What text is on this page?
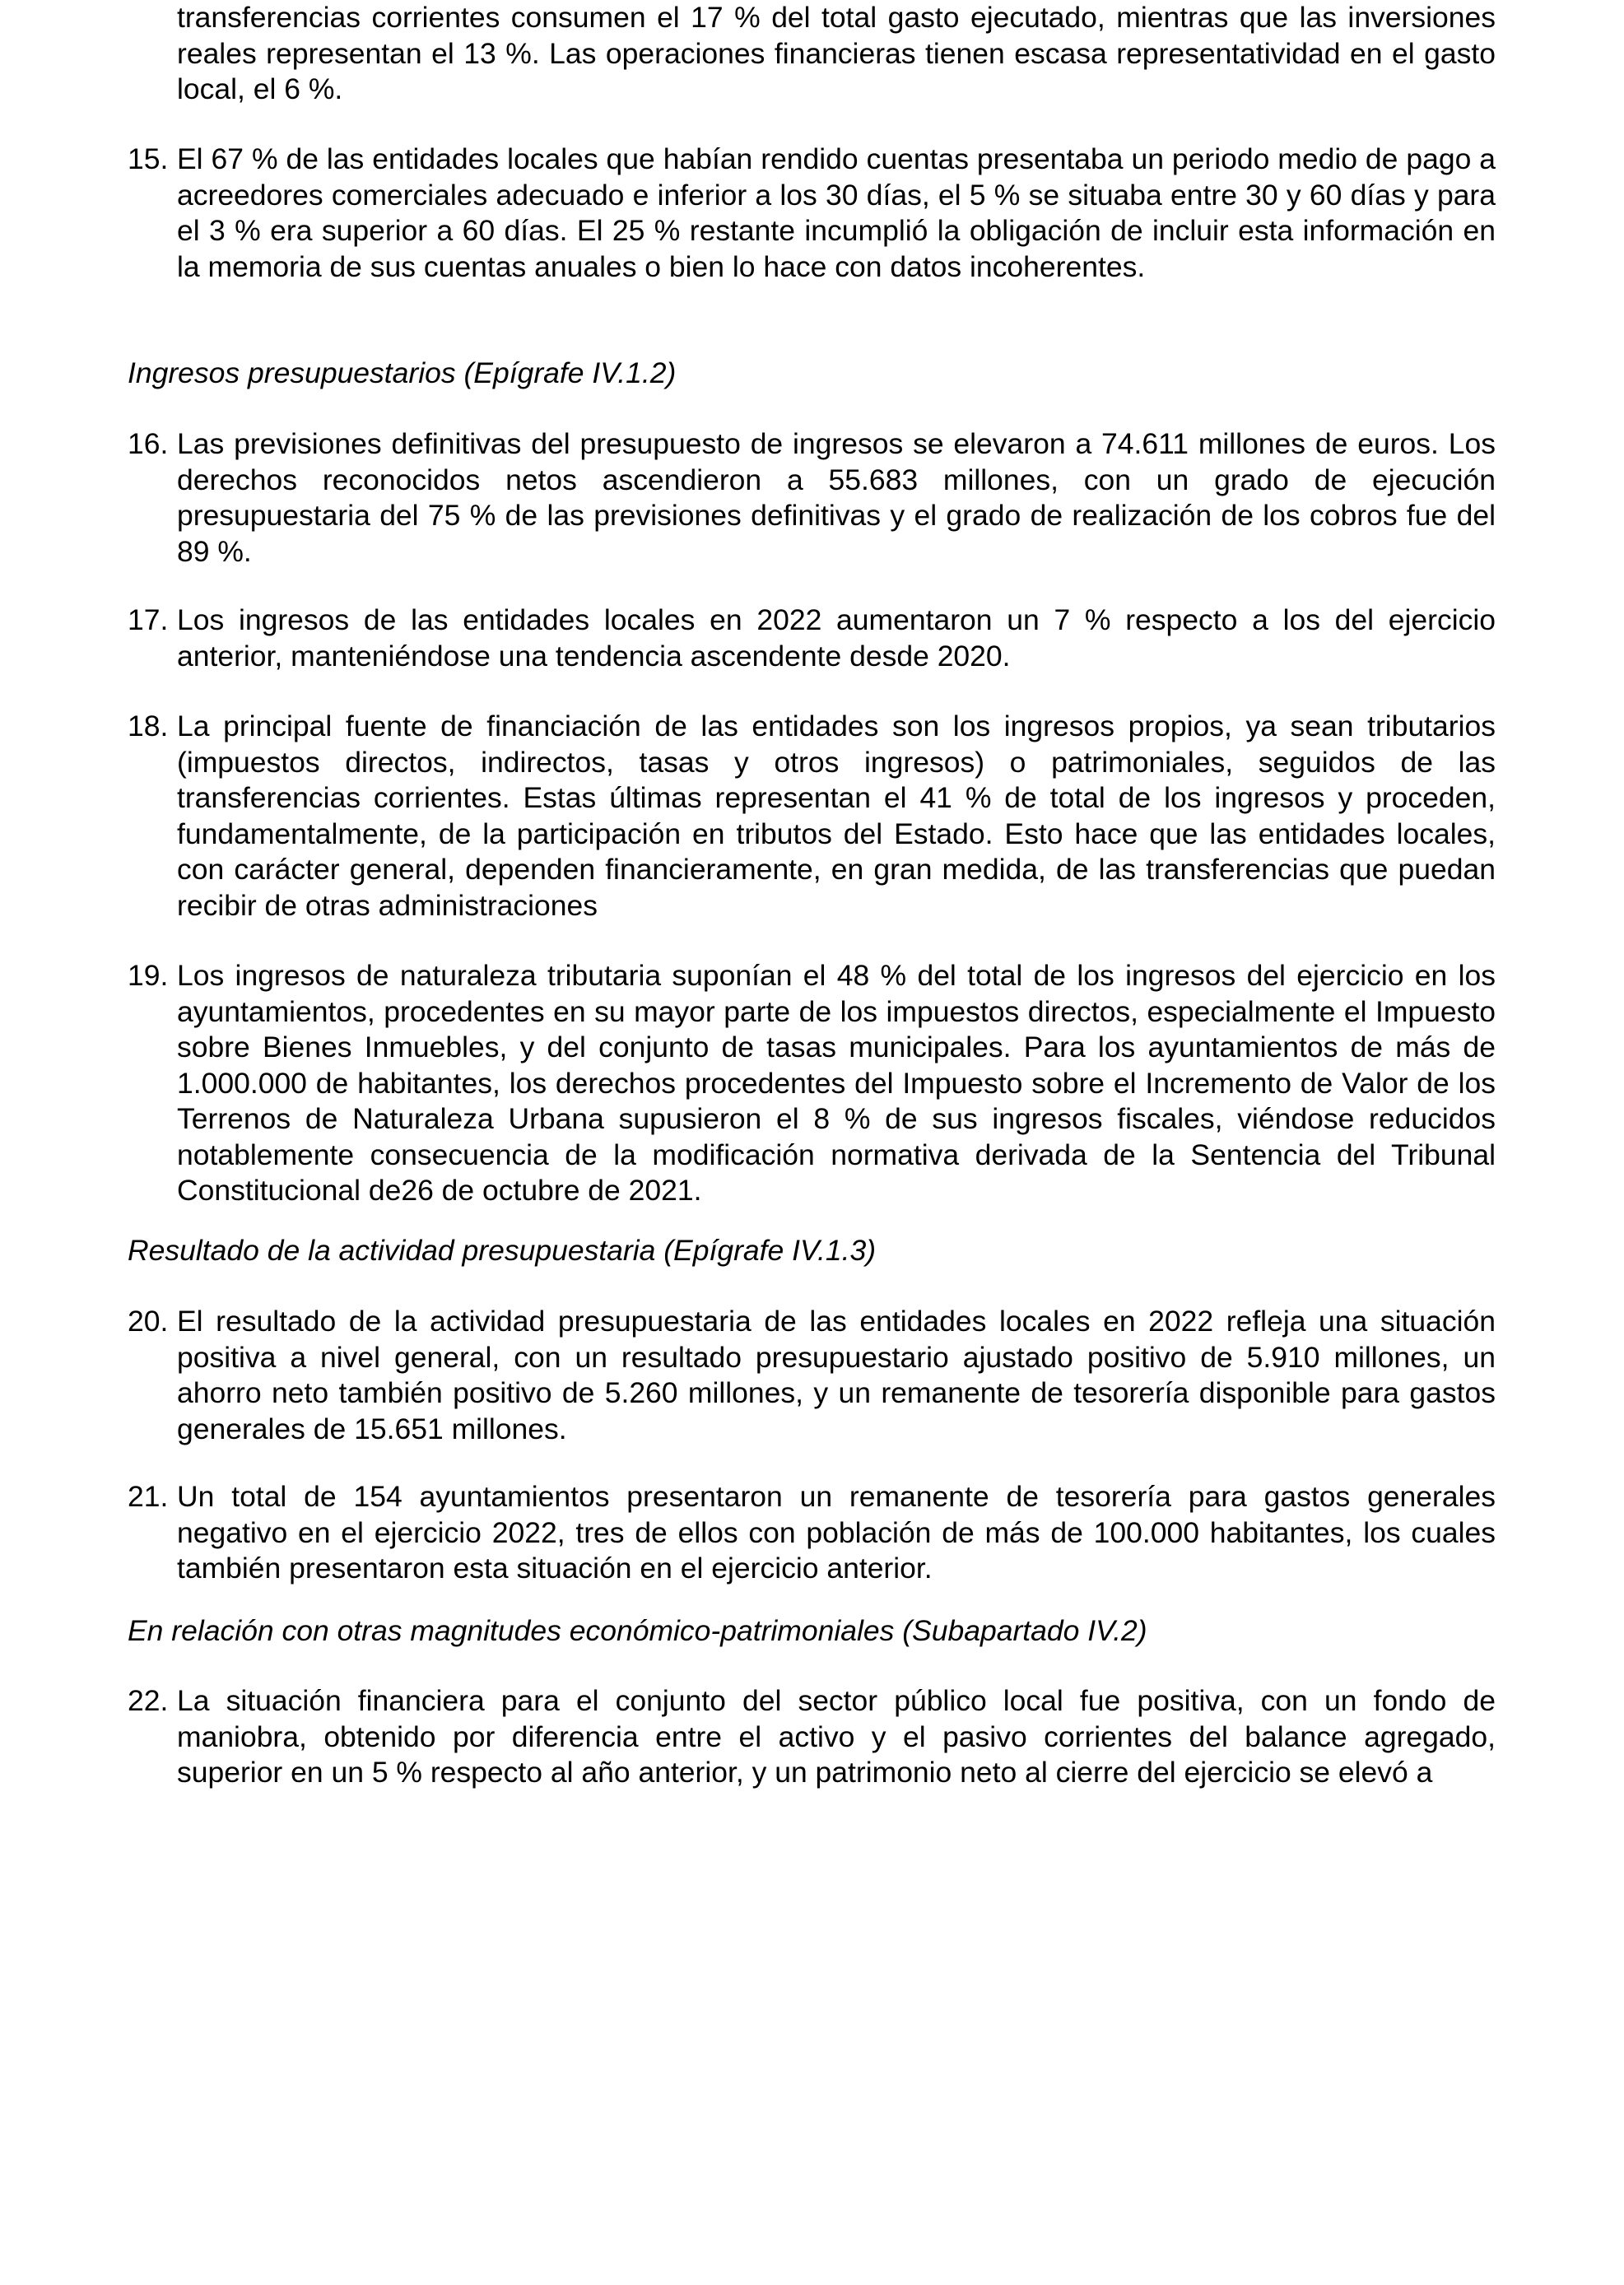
transferencias corrientes consumen el 17 % del total gasto ejecutado, mientras que las inversiones reales representan el 13 %. Las operaciones financieras tienen escasa representatividad en el gasto local, el 6 %.

15. El 67 % de las entidades locales que habían rendido cuentas presentaba un periodo medio de pago a acreedores comerciales adecuado e inferior a los 30 días, el 5 % se situaba entre 30 y 60 días y para el 3 % era superior a 60 días. El 25 % restante incumplió la obligación de incluir esta información en la memoria de sus cuentas anuales o bien lo hace con datos incoherentes.

Ingresos presupuestarios (Epígrafe IV.1.2)

16. Las previsiones definitivas del presupuesto de ingresos se elevaron a 74.611 millones de euros. Los derechos reconocidos netos ascendieron a 55.683 millones, con un grado de ejecución presupuestaria del 75 % de las previsiones definitivas y el grado de realización de los cobros fue del 89 %.
17. Los ingresos de las entidades locales en 2022 aumentaron un 7 % respecto a los del ejercicio anterior, manteniéndose una tendencia ascendente desde 2020.
18. La principal fuente de financiación de las entidades son los ingresos propios, ya sean tributarios (impuestos directos, indirectos, tasas y otros ingresos) o patrimoniales, seguidos de las transferencias corrientes. Estas últimas representan el 41 % de total de los ingresos y proceden, fundamentalmente, de la participación en tributos del Estado. Esto hace que las entidades locales, con carácter general, dependen financieramente, en gran medida, de las transferencias que puedan recibir de otras administraciones
19. Los ingresos de naturaleza tributaria suponían el 48 % del total de los ingresos del ejercicio en los ayuntamientos, procedentes en su mayor parte de los impuestos directos, especialmente el Impuesto sobre Bienes Inmuebles, y del conjunto de tasas municipales. Para los ayuntamientos de más de 1.000.000 de habitantes, los derechos procedentes del Impuesto sobre el Incremento de Valor de los Terrenos de Naturaleza Urbana supusieron el 8 % de sus ingresos fiscales, viéndose reducidos notablemente consecuencia de la modificación normativa derivada de la Sentencia del Tribunal Constitucional de26 de octubre de 2021.

Resultado de la actividad presupuestaria (Epígrafe IV.1.3)

20. El resultado de la actividad presupuestaria de las entidades locales en 2022 refleja una situación positiva a nivel general, con un resultado presupuestario ajustado positivo de 5.910 millones, un ahorro neto también positivo de 5.260 millones, y un remanente de tesorería disponible para gastos generales de 15.651 millones.
21. Un total de 154 ayuntamientos presentaron un remanente de tesorería para gastos generales negativo en el ejercicio 2022, tres de ellos con población de más de 100.000 habitantes, los cuales también presentaron esta situación en el ejercicio anterior.

En relación con otras magnitudes económico-patrimoniales (Subapartado IV.2)

22. La situación financiera para el conjunto del sector público local fue positiva, con un fondo de maniobra, obtenido por diferencia entre el activo y el pasivo corrientes del balance agregado, superior en un 5 % respecto al año anterior, y un patrimonio neto al cierre del ejercicio se elevó a
